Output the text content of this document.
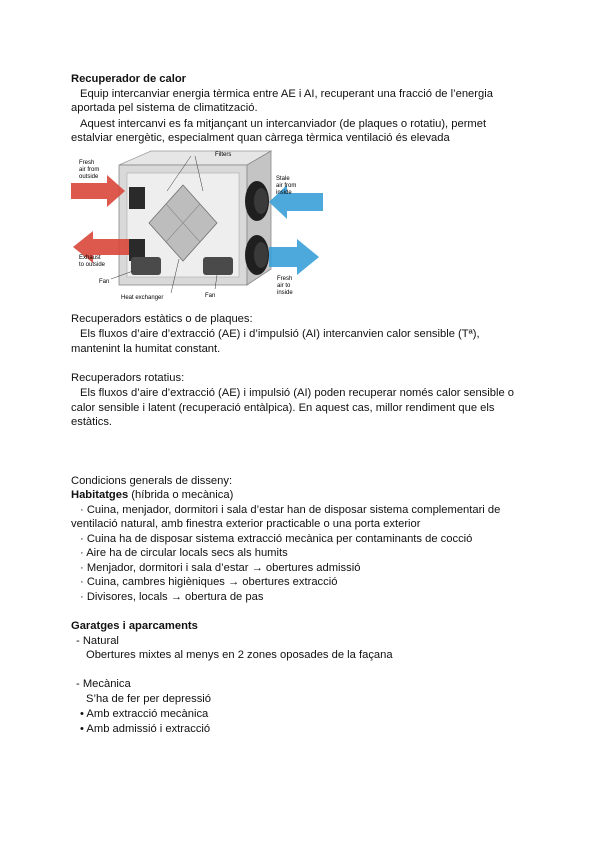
Recuperador de calor
Equip intercanviar energia tèrmica entre AE i AI, recuperant una fracció de l’energia
aportada pel sistema de climatització.
Aquest intercanvi es fa mitjançant un intercanviador (de plaques o rotatiu), permet
estalviar energètic, especialment quan càrrega tèrmica ventilació és elevada
Fresh
air from
outside
Filters
Stale
air from
inside
Exhaust
to outside
Fresh
air to
inside
Fan
Heat exchanger	Fan
Recuperadors estàtics o de plaques:
Els fluxos d’aire d’extracció (AE) i d’impulsió (AI) intercanvien calor sensible (Tª),
mantenint la humitat constant.
Recuperadors rotatius:
Els fluxos d’aire d’extracció (AE) i impulsió (AI) poden recuperar només calor sensible o
calor sensible i latent (recuperació entàlpica). En aquest cas, millor rendiment que els
estàtics.
Condicions generals de disseny:
Habitatges (híbrida o mecànica)
· Cuina, menjador, dormitori i sala d’estar han de disposar sistema complementari de
ventilació natural, amb finestra exterior practicable o una porta exterior
· Cuina ha de disposar sistema extracció mecànica per contaminants de cocció
· Aire ha de circular locals secs als humits
· Menjador, dormitori i sala d’estar → obertures admissió
· Cuina, cambres higièniques → obertures extracció
· Divisores, locals → obertura de pas
Garatges i aparcaments
- Natural
Obertures mixtes al menys en 2 zones oposades de la façana
- Mecànica
S’ha de fer per depressió
• Amb extracció mecànica
• Amb admissió i extracció
